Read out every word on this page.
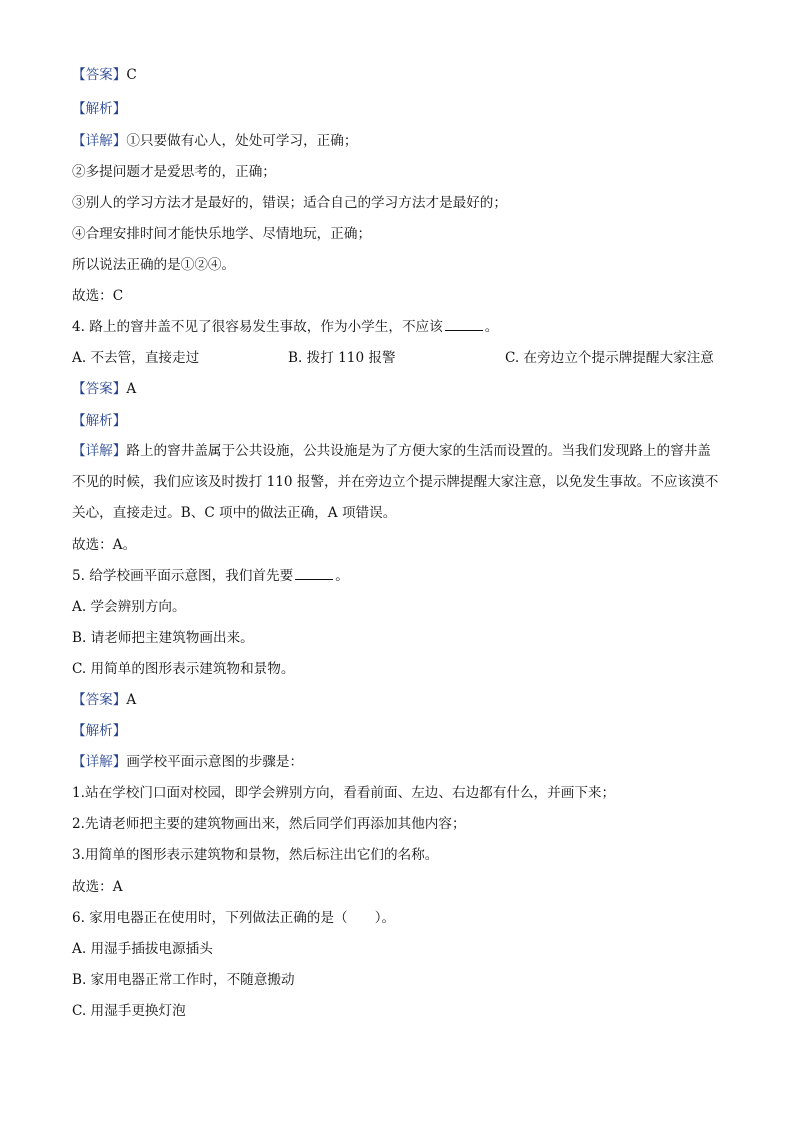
【答案】C
【解析】
【详解】①只要做有心人，处处可学习，正确；
②多提问题才是爱思考的，正确；
③别人的学习方法才是最好的，错误；适合自己的学习方法才是最好的；
④合理安排时间才能快乐地学、尽情地玩，正确；
所以说法正确的是①②④。
故选：C
4. 路上的窨井盖不见了很容易发生事故，作为小学生，不应该	。
A. 不去管，直接走过	B. 拨打 110 报警	C. 在旁边立个提示牌提醒大家注意
【答案】A
【解析】
【详解】路上的窨井盖属于公共设施，公共设施是为了方便大家的生活而设置的。当我们发现路上的窨井盖不见的时候，我们应该及时拨打 110 报警，并在旁边立个提示牌提醒大家注意，以免发生事故。不应该漠不关心，直接走过。B、C 项中的做法正确，A 项错误。
故选：A。
5. 给学校画平面示意图，我们首先要	。
A. 学会辨别方向。
B. 请老师把主建筑物画出来。
C. 用简单的图形表示建筑物和景物。
【答案】A
【解析】
【详解】画学校平面示意图的步骤是：
1.站在学校门口面对校园，即学会辨别方向，看看前面、左边、右边都有什么，并画下来；
2.先请老师把主要的建筑物画出来，然后同学们再添加其他内容；
3.用简单的图形表示建筑物和景物，然后标注出它们的名称。
故选：A
6. 家用电器正在使用时，下列做法正确的是（　　）。
A. 用湿手插拔电源插头
B. 家用电器正常工作时，不随意搬动
C. 用湿手更换灯泡
